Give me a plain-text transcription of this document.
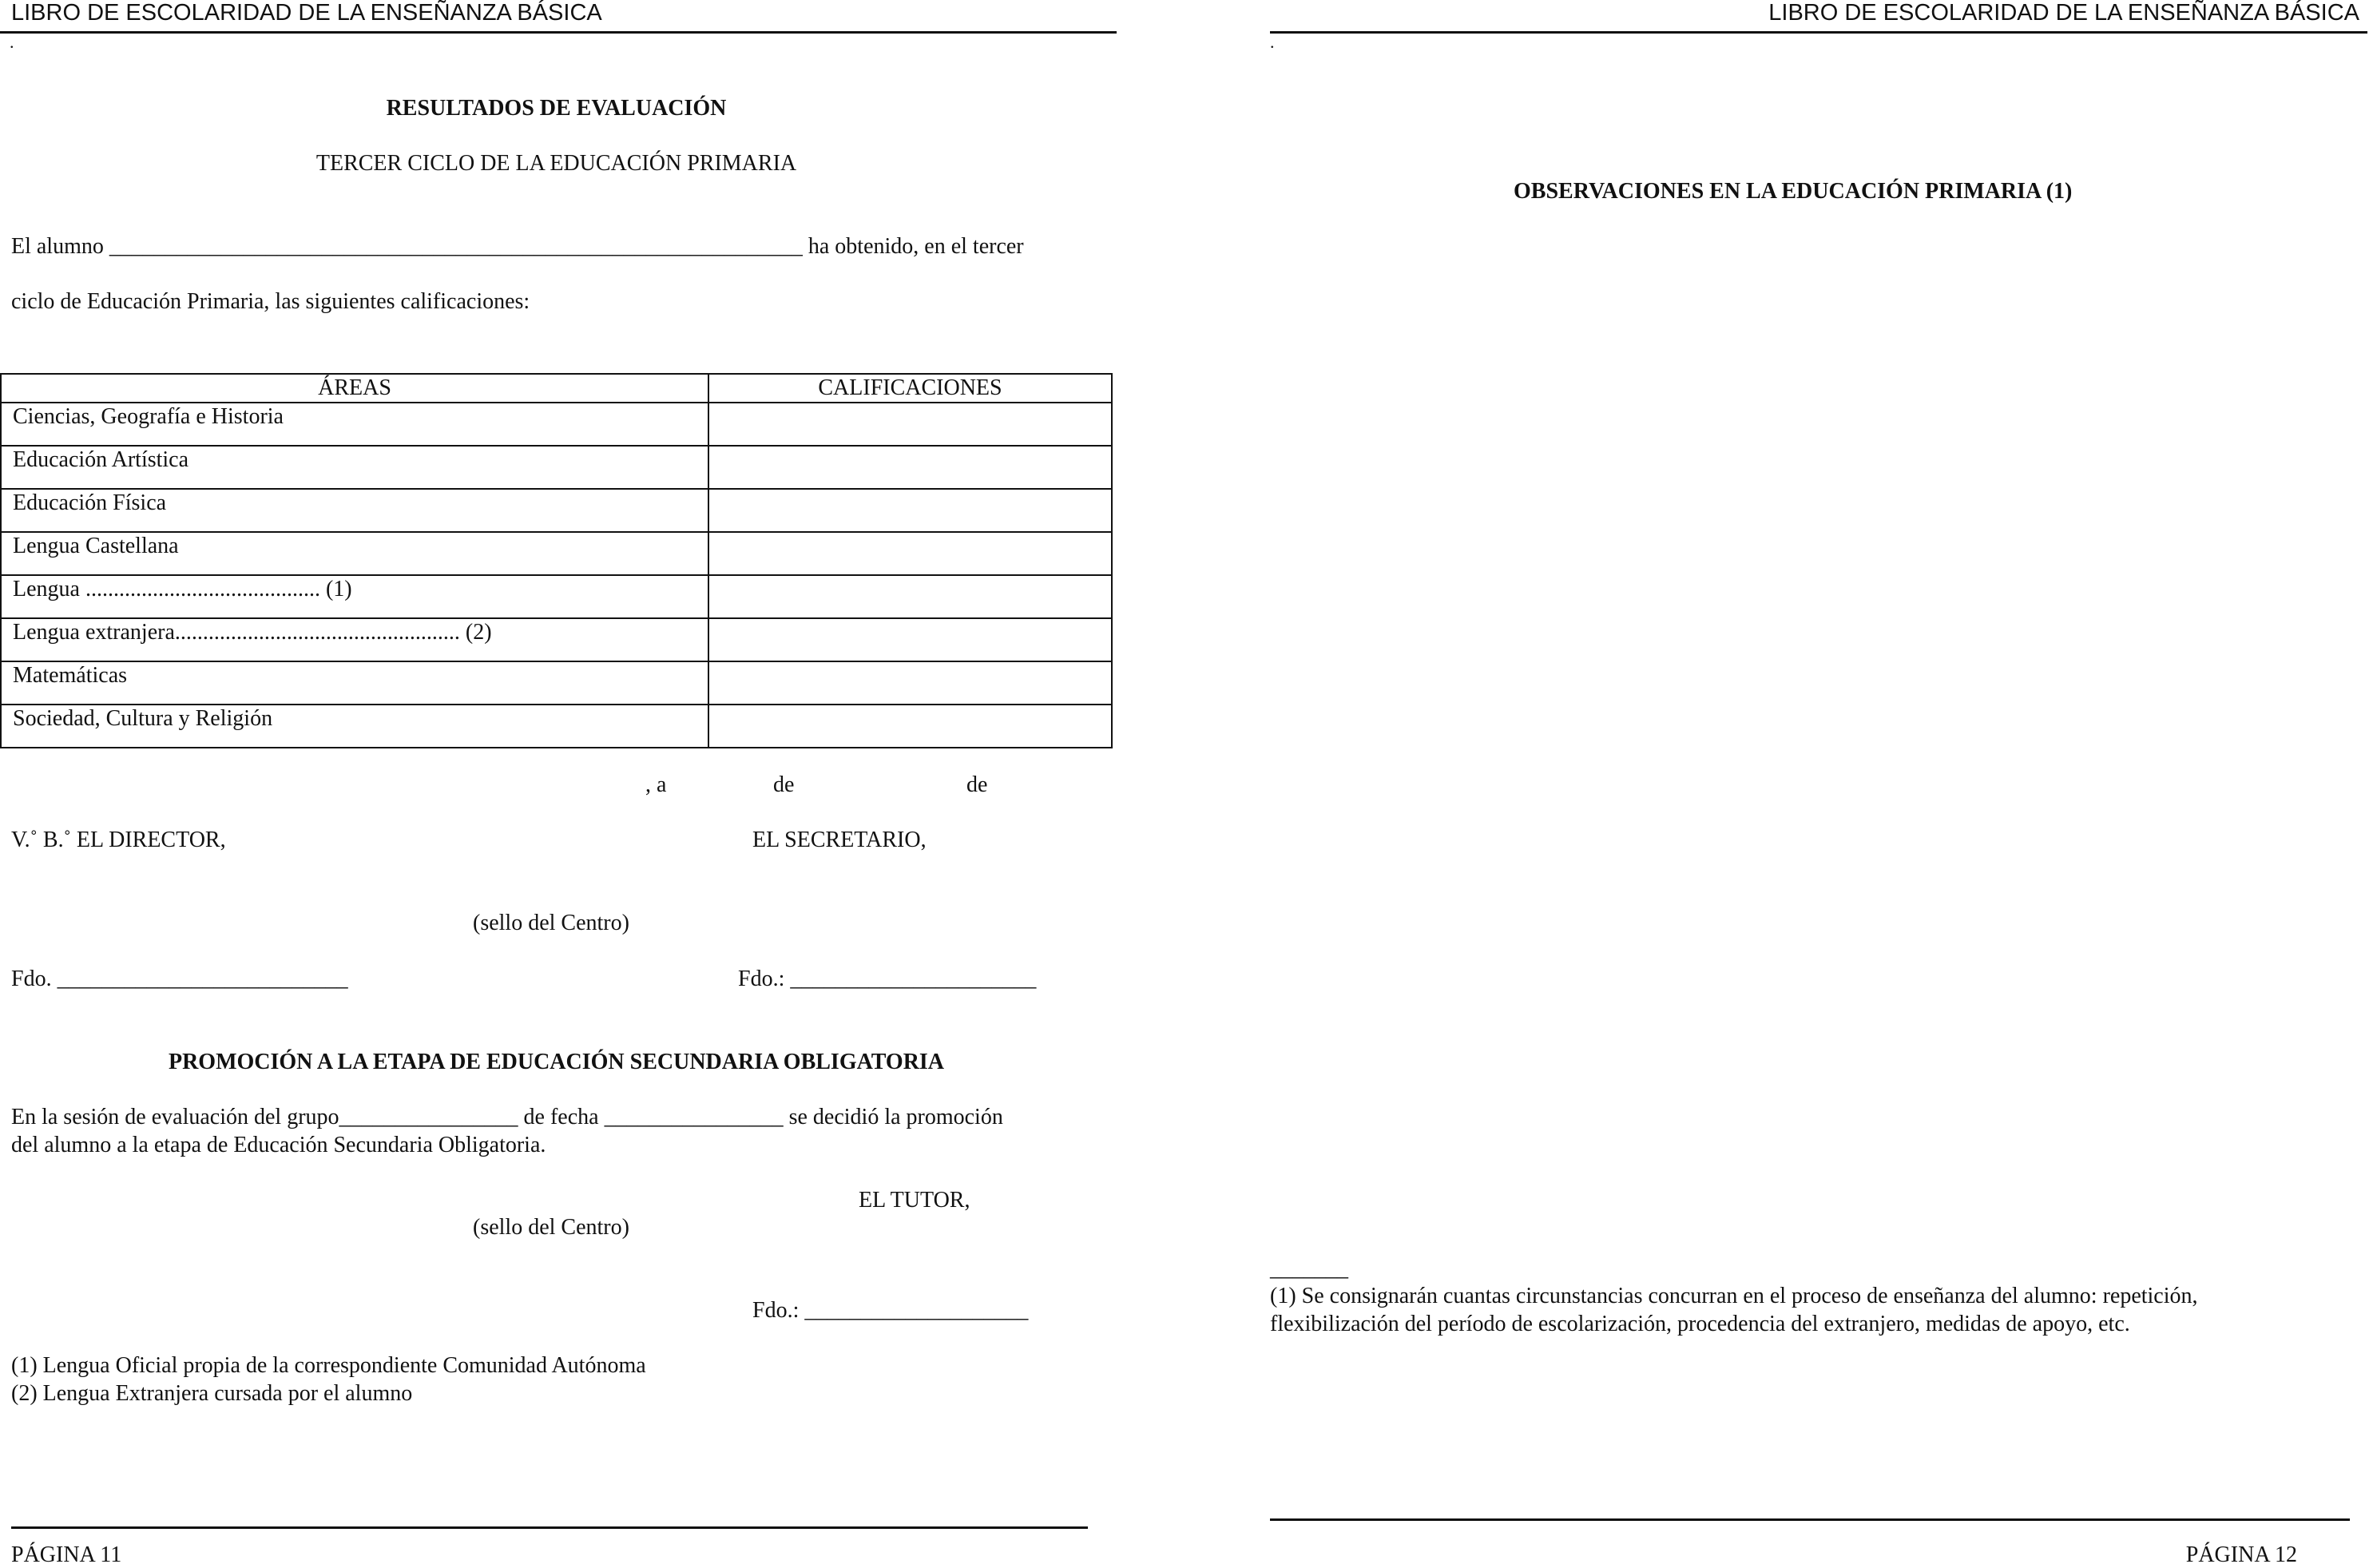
LIBRO DE ESCOLARIDAD DE LA ENSEÑANZA BÁSICA
.
RESULTADOS DE EVALUACIÓN
TERCER CICLO DE LA EDUCACIÓN PRIMARIA
El alumno ______________________________________________________________ ha obtenido, en el tercer
ciclo de Educación Primaria, las siguientes calificaciones:
ÁREAS	CALIFICACIONES
Ciencias, Geografía e Historia	
Educación Artística	
Educación Física	
Lengua Castellana	
Lengua .......................................... (1)	
Lengua extranjera................................................... (2)	
Matemáticas	
Sociedad, Cultura y Religión	
, a	de	de
V.˚ B.˚ EL DIRECTOR,	EL SECRETARIO,
(sello del Centro)
Fdo. __________________________	Fdo.: ______________________
PROMOCIÓN A LA ETAPA DE EDUCACIÓN SECUNDARIA OBLIGATORIA
En la sesión de evaluación del grupo________________ de fecha ________________ se decidió la promoción
del alumno a la etapa de Educación Secundaria Obligatoria.
EL TUTOR,
(sello del Centro)
Fdo.: ____________________
(1) Lengua Oficial propia de la correspondiente Comunidad Autónoma
(2) Lengua Extranjera cursada por el alumno
PÁGINA 11
LIBRO DE ESCOLARIDAD DE LA ENSEÑANZA BÁSICA
.
OBSERVACIONES EN LA EDUCACIÓN PRIMARIA (1)
_______
(1) Se consignarán cuantas circunstancias concurran en el proceso de enseñanza del alumno: repetición,
flexibilización del período de escolarización, procedencia del extranjero, medidas de apoyo, etc.
PÁGINA 12
